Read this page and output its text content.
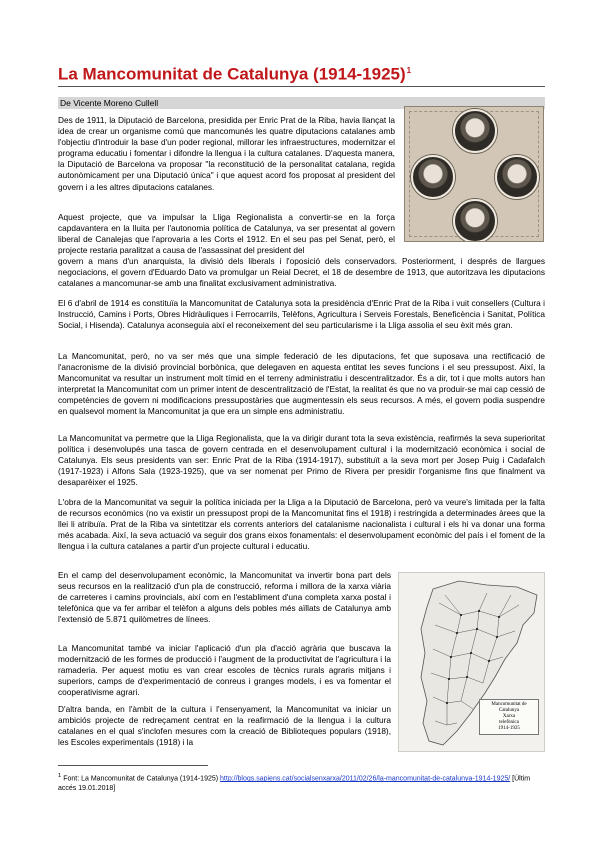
La Mancomunitat de Catalunya (1914-1925)$^1$
De Vicente Moreno Cullell

Des de 1911, la Diputació de Barcelona, presidida per Enric Prat de la Riba, havia llançat la idea de crear un organisme comú que mancomunés les quatre diputacions catalanes amb l'objectiu d'introduir la base d'un poder regional, millorar les infraestructures, modernitzar el programa educatiu i fomentar i difondre la llengua i la cultura catalanes. D'aquesta manera, la Diputació de Barcelona va proposar "la reconstitució de la personalitat catalana, regida autonòmicament per una Diputació única" i que aquest acord fos proposat al president del govern i a les altres diputacions catalanes.

Aquest projecte, que va impulsar la Lliga Regionalista a convertir-se en la força capdavantera en la lluita per l'autonomia política de Catalunya, va ser presentat al govern liberal de Canalejas que l'aprovaria a les Corts el 1912. En el seu pas pel Senat, però, el projecte restaria paralitzat a causa de l'assassinat del president del

govern a mans d'un anarquista, la divisió dels liberals i l'oposició dels conservadors. Posteriorment, i després de llargues negociacions, el govern d'Eduardo Dato va promulgar un Reial Decret, el 18 de desembre de 1913, que autoritzava les diputacions catalanes a mancomunar-se amb una finalitat exclusivament administrativa.

El 6 d'abril de 1914 es constituïa la Mancomunitat de Catalunya sota la presidència d'Enric Prat de la Riba i vuit consellers (Cultura i Instrucció, Camins i Ports, Obres Hidràuliques i Ferrocarrils, Telèfons, Agricultura i Serveis Forestals, Beneficència i Sanitat, Política Social, i Hisenda). Catalunya aconseguia així el reconeixement del seu particularisme i la Lliga assolia el seu èxit més gran.

La Mancomunitat, però, no va ser més que una simple federació de les diputacions, fet que suposava una rectificació de l'anacronisme de la divisió provincial borbònica, que delegaven en aquesta entitat les seves funcions i el seu pressupost. Així, la Mancomunitat va resultar un instrument molt tímid en el terreny administratiu i descentralitzador. És a dir, tot i que molts autors han interpretat la Mancomunitat com un primer intent de descentralització de l'Estat, la realitat és que no va produir-se mai cap cessió de competències de govern ni modificacions pressupostàries que augmentessin els seus recursos. A més, el govern podia suspendre en qualsevol moment la Mancomunitat ja que era un simple ens administratiu.

La Mancomunitat va permetre que la Lliga Regionalista, que la va dirigir durant tota la seva existència, reafirmés la seva superioritat política i desenvolupés una tasca de govern centrada en el desenvolupament cultural i la modernització econòmica i social de Catalunya. Els seus presidents van ser: Enric Prat de la Riba (1914-1917), substituït a la seva mort per Josep Puig i Cadafalch (1917-1923) i Alfons Sala (1923-1925), que va ser nomenat per Primo de Rivera per presidir l'organisme fins que finalment va desaparèixer el 1925.

L'obra de la Mancomunitat va seguir la política iniciada per la Lliga a la Diputació de Barcelona, però va veure's limitada per la falta de recursos econòmics (no va existir un pressupost propi de la Mancomunitat fins el 1918) i restringida a determinades àrees que la llei li atribuïa. Prat de la Riba va sintetitzar els corrents anteriors del catalanisme nacionalista i cultural i els hi va donar una forma més acabada. Així, la seva actuació va seguir dos grans eixos fonamentals: el desenvolupament econòmic del país i el foment de la llengua i la cultura catalanes a partir d'un projecte cultural i educatiu.

En el camp del desenvolupament econòmic, la Mancomunitat va invertir bona part dels seus recursos en la realització d'un pla de construcció, reforma i millora de la xarxa viària de carreteres i camins provincials, així com en l'establiment d'una completa xarxa postal i telefònica que va fer arribar el telèfon a alguns dels pobles més aïllats de Catalunya amb l'extensió de 5.871 quilòmetres de línees.

La Mancomunitat també va iniciar l'aplicació d'un pla d'acció agrària que buscava la modernització de les formes de producció i l'augment de la productivitat de l'agricultura i la ramaderia. Per aquest motiu es van crear escoles de tècnics rurals agraris mitjans i superiors, camps de d'experimentació de conreus i granges models, i es va fomentar el cooperativisme agrari.

D'altra banda, en l'àmbit de la cultura i l'ensenyament, la Mancomunitat va iniciar un ambiciós projecte de redreçament centrat en la reafirmació de la llengua i la cultura catalanes en el qual s'inclofen mesures com la creació de Biblioteques populars (1918), les Escoles experimentals (1918) i la

Mancomunitat de Catalunya
Xarxa
telefònica
1914-1925

$^1$ Font: La Mancomunitat de Catalunya (1914-1925) http://blogs.sapiens.cat/socialsenxarxa/2011/02/26/la-mancomunitat-de-catalunya-1914-1925/ [Últim accés 19.01.2018]
